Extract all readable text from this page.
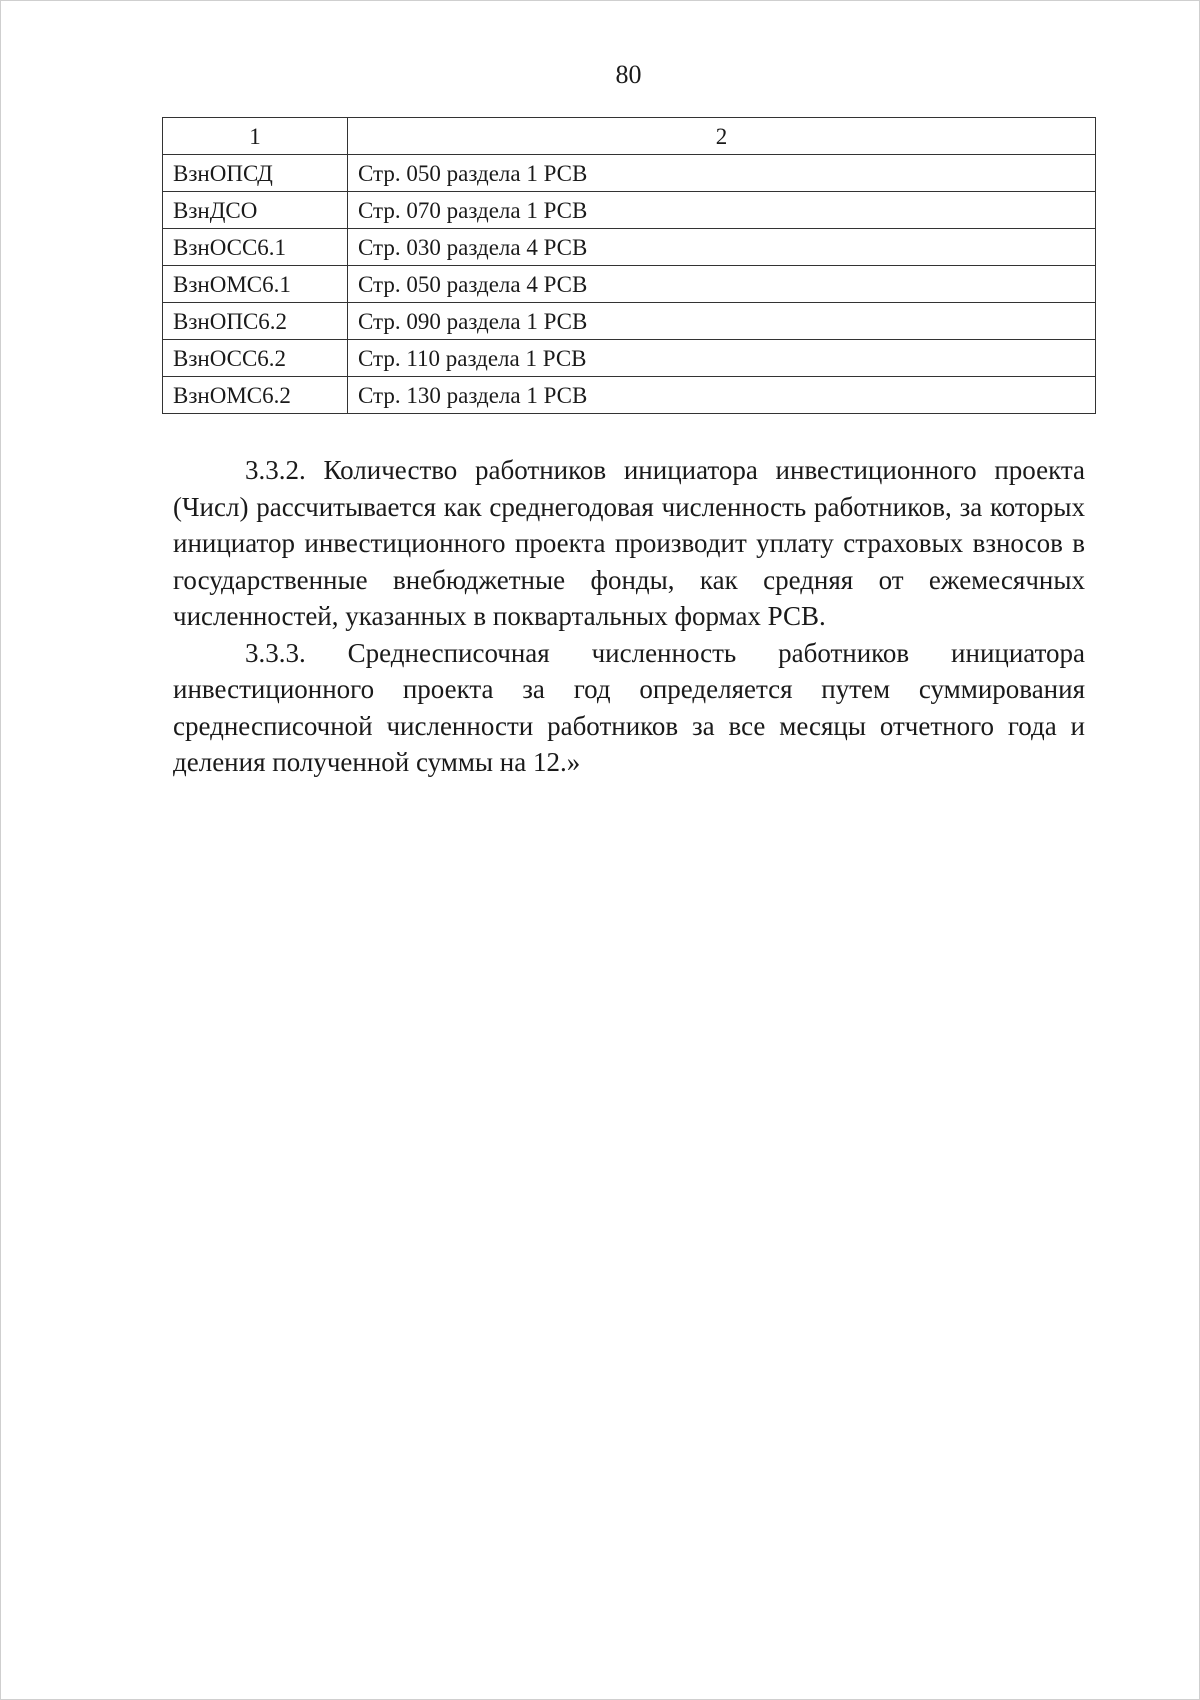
80
1	2
ВзнОПСД	Стр. 050 раздела 1 РСВ
ВзнДСО	Стр. 070 раздела 1 РСВ
ВзнОСС6.1	Стр. 030 раздела 4 РСВ
ВзнОМС6.1	Стр. 050 раздела 4 РСВ
ВзнОПС6.2	Стр. 090 раздела 1 РСВ
ВзнОСС6.2	Стр. 110 раздела 1 РСВ
ВзнОМС6.2	Стр. 130 раздела 1 РСВ

3.3.2. Количество работников инициатора инвестиционного проекта (Числ) рассчитывается как среднегодовая численность работников, за которых инициатор инвестиционного проекта производит уплату страховых взносов в государственные внебюджетные фонды, как средняя от ежемесячных численностей, указанных в поквартальных формах РСВ.

3.3.3. Среднесписочная численность работников инициатора инвестиционного проекта за год определяется путем суммирования среднесписочной численности работников за все месяцы отчетного года и деления полученной суммы на 12.»
